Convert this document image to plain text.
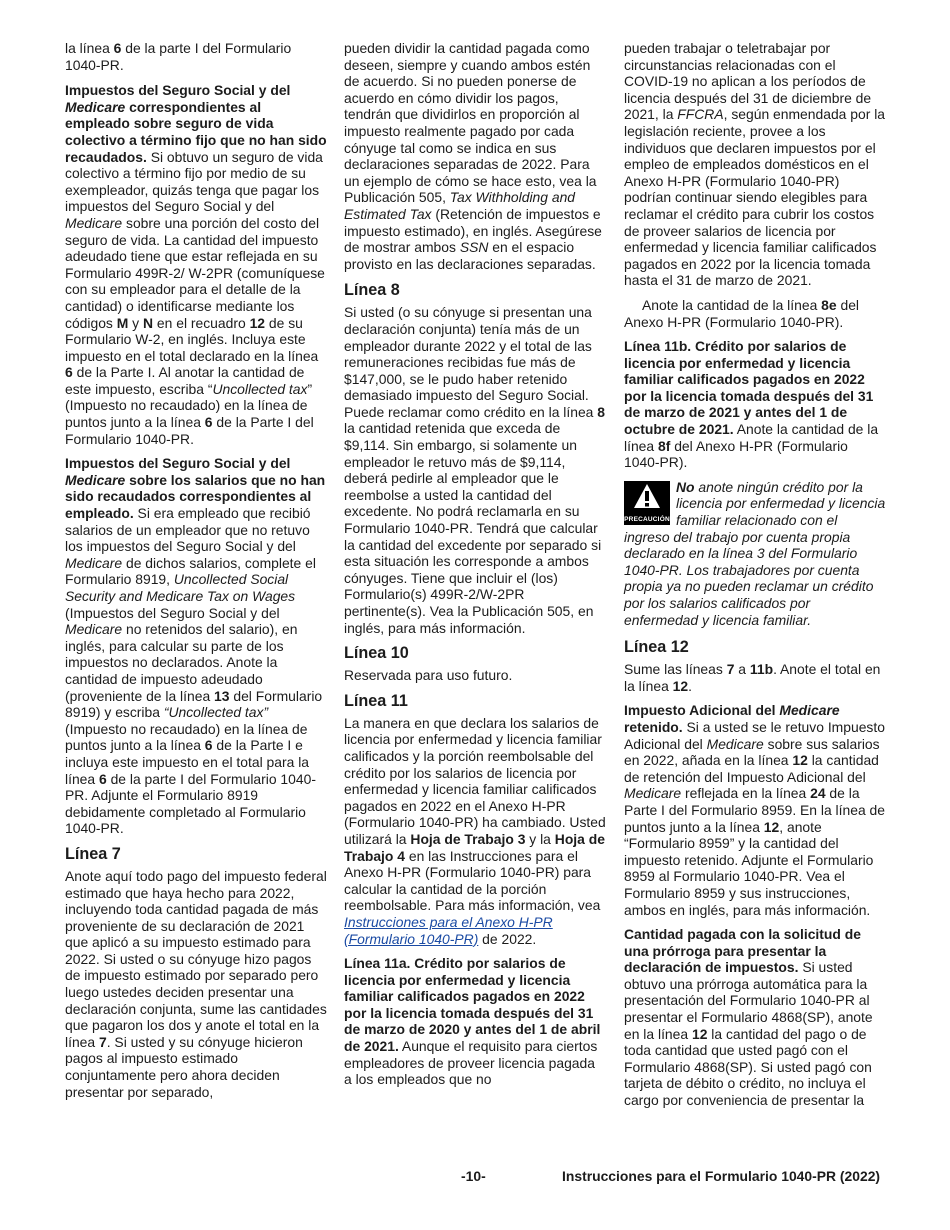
la línea 6 de la parte I del Formulario 1040-PR.

Impuestos del Seguro Social y del Medicare correspondientes al empleado sobre seguro de vida colectivo a término fijo que no han sido recaudados. Si obtuvo un seguro de vida colectivo a término fijo por medio de su exempleador, quizás tenga que pagar los impuestos del Seguro Social y del Medicare sobre una porción del costo del seguro de vida. La cantidad del impuesto adeudado tiene que estar reflejada en su Formulario 499R-2/ W-2PR (comuníquese con su empleador para el detalle de la cantidad) o identificarse mediante los códigos M y N en el recuadro 12 de su Formulario W-2, en inglés. Incluya este impuesto en el total declarado en la línea 6 de la Parte I. Al anotar la cantidad de este impuesto, escriba “Uncollected tax” (Impuesto no recaudado) en la línea de puntos junto a la línea 6 de la Parte I del Formulario 1040-PR.

Impuestos del Seguro Social y del Medicare sobre los salarios que no han sido recaudados correspondientes al empleado. Si era empleado que recibió salarios de un empleador que no retuvo los impuestos del Seguro Social y del Medicare de dichos salarios, complete el Formulario 8919, Uncollected Social Security and Medicare Tax on Wages (Impuestos del Seguro Social y del Medicare no retenidos del salario), en inglés, para calcular su parte de los impuestos no declarados. Anote la cantidad de impuesto adeudado (proveniente de la línea 13 del Formulario 8919) y escriba “Uncollected tax” (Impuesto no recaudado) en la línea de puntos junto a la línea 6 de la Parte I e incluya este impuesto en el total para la línea 6 de la parte I del Formulario 1040-PR. Adjunte el Formulario 8919 debidamente completado al Formulario 1040-PR.

Línea 7

Anote aquí todo pago del impuesto federal estimado que haya hecho para 2022, incluyendo toda cantidad pagada de más proveniente de su declaración de 2021 que aplicó a su impuesto estimado para 2022. Si usted o su cónyuge hizo pagos de impuesto estimado por separado pero luego ustedes deciden presentar una declaración conjunta, sume las cantidades que pagaron los dos y anote el total en la línea 7. Si usted y su cónyuge hicieron pagos al impuesto estimado conjuntamente pero ahora deciden presentar por separado,

pueden dividir la cantidad pagada como deseen, siempre y cuando ambos estén de acuerdo. Si no pueden ponerse de acuerdo en cómo dividir los pagos, tendrán que dividirlos en proporción al impuesto realmente pagado por cada cónyuge tal como se indica en sus declaraciones separadas de 2022. Para un ejemplo de cómo se hace esto, vea la Publicación 505, Tax Withholding and Estimated Tax (Retención de impuestos e impuesto estimado), en inglés. Asegúrese de mostrar ambos SSN en el espacio provisto en las declaraciones separadas.

Línea 8

Si usted (o su cónyuge si presentan una declaración conjunta) tenía más de un empleador durante 2022 y el total de las remuneraciones recibidas fue más de $147,000, se le pudo haber retenido demasiado impuesto del Seguro Social. Puede reclamar como crédito en la línea 8 la cantidad retenida que exceda de $9,114. Sin embargo, si solamente un empleador le retuvo más de $9,114, deberá pedirle al empleador que le reembolse a usted la cantidad del excedente. No podrá reclamarla en su Formulario 1040-PR. Tendrá que calcular la cantidad del excedente por separado si esta situación les corresponde a ambos cónyuges. Tiene que incluir el (los) Formulario(s) 499R-2/W-2PR pertinente(s). Vea la Publicación 505, en inglés, para más información.

Línea 10

Reservada para uso futuro.

Línea 11

La manera en que declara los salarios de licencia por enfermedad y licencia familiar calificados y la porción reembolsable del crédito por los salarios de licencia por enfermedad y licencia familiar calificados pagados en 2022 en el Anexo H-PR (Formulario 1040-PR) ha cambiado. Usted utilizará la Hoja de Trabajo 3 y la Hoja de Trabajo 4 en las Instrucciones para el Anexo H-PR (Formulario 1040-PR) para calcular la cantidad de la porción reembolsable. Para más información, vea Instrucciones para el Anexo H-PR (Formulario 1040-PR) de 2022.

Línea 11a. Crédito por salarios de licencia por enfermedad y licencia familiar calificados pagados en 2022 por la licencia tomada después del 31 de marzo de 2020 y antes del 1 de abril de 2021. Aunque el requisito para ciertos empleadores de proveer licencia pagada a los empleados que no

pueden trabajar o teletrabajar por circunstancias relacionadas con el COVID-19 no aplican a los períodos de licencia después del 31 de diciembre de 2021, la FFCRA, según enmendada por la legislación reciente, provee a los individuos que declaren impuestos por el empleo de empleados domésticos en el Anexo H-PR (Formulario 1040-PR) podrían continuar siendo elegibles para reclamar el crédito para cubrir los costos de proveer salarios de licencia por enfermedad y licencia familiar calificados pagados en 2022 por la licencia tomada hasta el 31 de marzo de 2021.

Anote la cantidad de la línea 8e del Anexo H-PR (Formulario 1040-PR).

Línea 11b. Crédito por salarios de licencia por enfermedad y licencia familiar calificados pagados en 2022 por la licencia tomada después del 31 de marzo de 2021 y antes del 1 de octubre de 2021. Anote la cantidad de la línea 8f del Anexo H-PR (Formulario 1040-PR).

PRECAUCIÓN
No anote ningún crédito por la licencia por enfermedad y licencia familiar relacionado con el ingreso del trabajo por cuenta propia declarado en la línea 3 del Formulario 1040-PR. Los trabajadores por cuenta propia ya no pueden reclamar un crédito por los salarios calificados por enfermedad y licencia familiar.
Línea 12

Sume las líneas 7 a 11b. Anote el total en la línea 12.

Impuesto Adicional del Medicare retenido. Si a usted se le retuvo Impuesto Adicional del Medicare sobre sus salarios en 2022, añada en la línea 12 la cantidad de retención del Impuesto Adicional del Medicare reflejada en la línea 24 de la Parte I del Formulario 8959. En la línea de puntos junto a la línea 12, anote “Formulario 8959” y la cantidad del impuesto retenido. Adjunte el Formulario 8959 al Formulario 1040-PR. Vea el Formulario 8959 y sus instrucciones, ambos en inglés, para más información.

Cantidad pagada con la solicitud de una prórroga para presentar la declaración de impuestos. Si usted obtuvo una prórroga automática para la presentación del Formulario 1040-PR al presentar el Formulario 4868(SP), anote en la línea 12 la cantidad del pago o de toda cantidad que usted pagó con el Formulario 4868(SP). Si usted pagó con tarjeta de débito o crédito, no incluya el cargo por conveniencia de presentar la

-10-	Instrucciones para el Formulario 1040-PR (2022)
